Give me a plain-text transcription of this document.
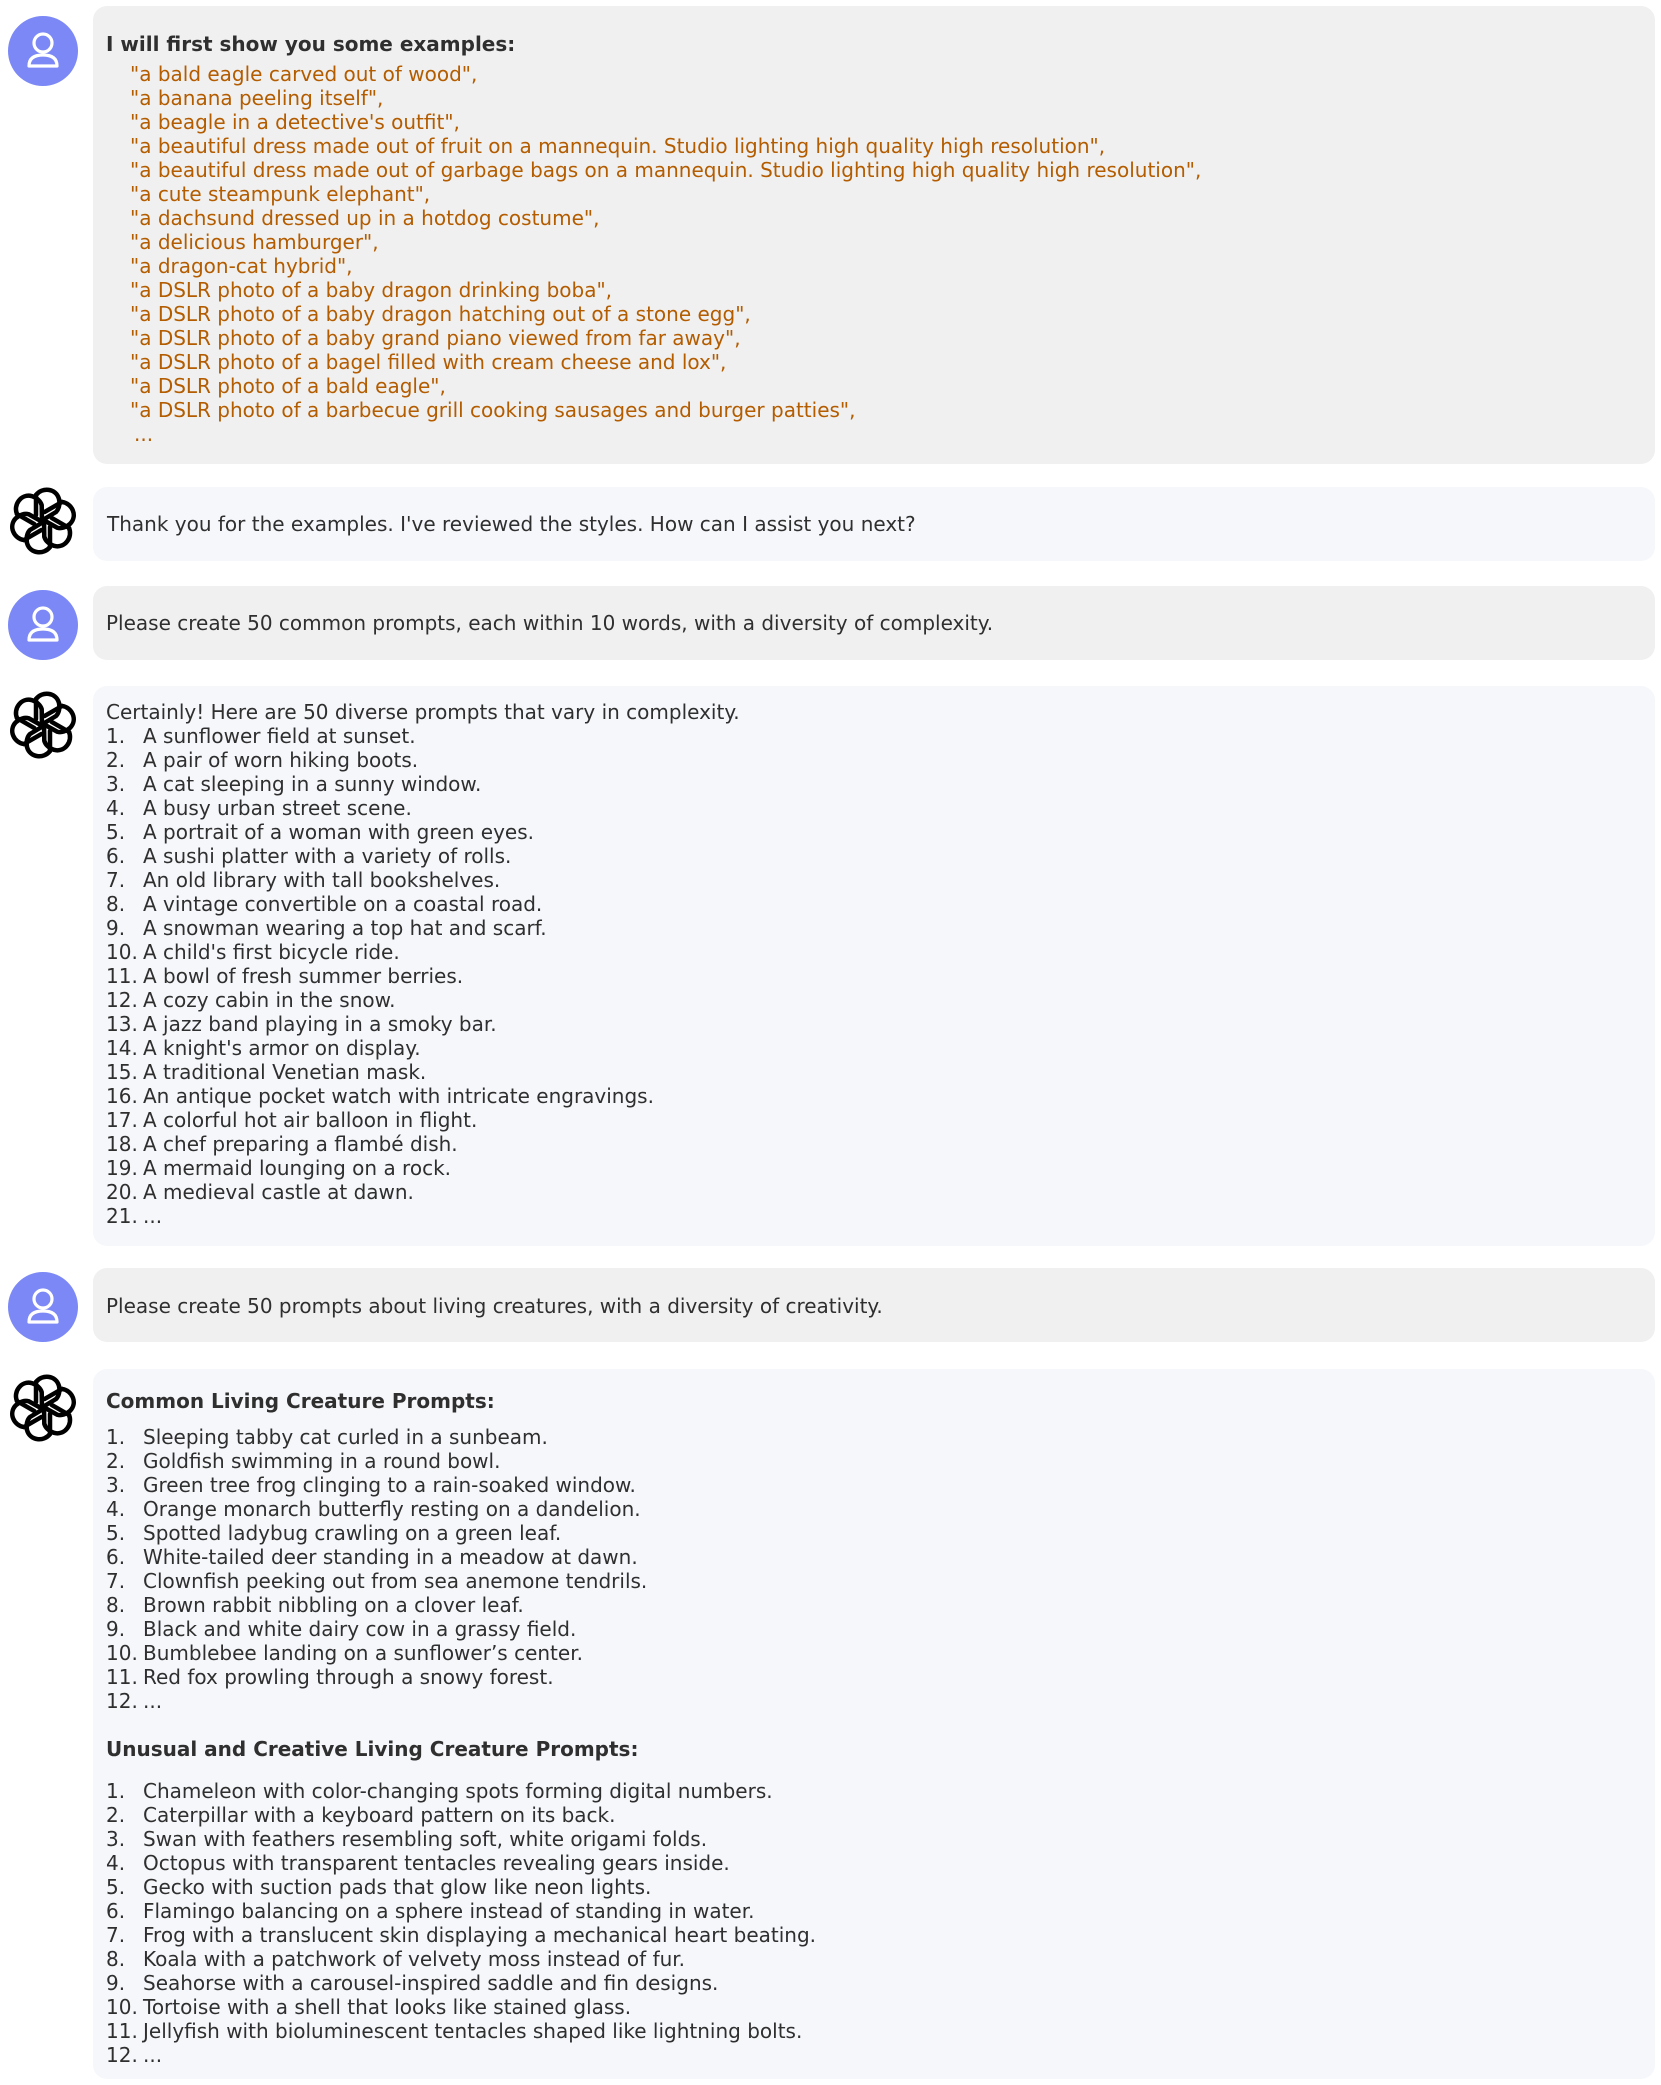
I will first show you some examples:
"a bald eagle carved out of wood",
"a banana peeling itself",
"a beagle in a detective's outfit",
"a beautiful dress made out of fruit on a mannequin. Studio lighting high quality high resolution",
"a beautiful dress made out of garbage bags on a mannequin. Studio lighting high quality high resolution",
"a cute steampunk elephant",
"a dachsund dressed up in a hotdog costume",
"a delicious hamburger",
"a dragon-cat hybrid",
"a DSLR photo of a baby dragon drinking boba",
"a DSLR photo of a baby dragon hatching out of a stone egg",
"a DSLR photo of a baby grand piano viewed from far away",
"a DSLR photo of a bagel filled with cream cheese and lox",
"a DSLR photo of a bald eagle",
"a DSLR photo of a barbecue grill cooking sausages and burger patties",
...
Thank you for the examples. I've reviewed the styles. How can I assist you next?
Please create 50 common prompts, each within 10 words, with a diversity of complexity.
Certainly! Here are 50 diverse prompts that vary in complexity.
1. A sunflower field at sunset.
2. A pair of worn hiking boots.
3. A cat sleeping in a sunny window.
4. A busy urban street scene.
5. A portrait of a woman with green eyes.
6. A sushi platter with a variety of rolls.
7. An old library with tall bookshelves.
8. A vintage convertible on a coastal road.
9. A snowman wearing a top hat and scarf.
10. A child's first bicycle ride.
11. A bowl of fresh summer berries.
12. A cozy cabin in the snow.
13. A jazz band playing in a smoky bar.
14. A knight's armor on display.
15. A traditional Venetian mask.
16. An antique pocket watch with intricate engravings.
17. A colorful hot air balloon in flight.
18. A chef preparing a flambé dish.
19. A mermaid lounging on a rock.
20. A medieval castle at dawn.
21. ...
Please create 50 prompts about living creatures, with a diversity of creativity.
Common Living Creature Prompts:
1. Sleeping tabby cat curled in a sunbeam.
2. Goldfish swimming in a round bowl.
3. Green tree frog clinging to a rain-soaked window.
4. Orange monarch butterfly resting on a dandelion.
5. Spotted ladybug crawling on a green leaf.
6. White-tailed deer standing in a meadow at dawn.
7. Clownfish peeking out from sea anemone tendrils.
8. Brown rabbit nibbling on a clover leaf.
9. Black and white dairy cow in a grassy field.
10. Bumblebee landing on a sunflower’s center.
11. Red fox prowling through a snowy forest.
12. ...
Unusual and Creative Living Creature Prompts:
1. Chameleon with color-changing spots forming digital numbers.
2. Caterpillar with a keyboard pattern on its back.
3. Swan with feathers resembling soft, white origami folds.
4. Octopus with transparent tentacles revealing gears inside.
5. Gecko with suction pads that glow like neon lights.
6. Flamingo balancing on a sphere instead of standing in water.
7. Frog with a translucent skin displaying a mechanical heart beating.
8. Koala with a patchwork of velvety moss instead of fur.
9. Seahorse with a carousel-inspired saddle and fin designs.
10. Tortoise with a shell that looks like stained glass.
11. Jellyfish with bioluminescent tentacles shaped like lightning bolts.
12. ...
